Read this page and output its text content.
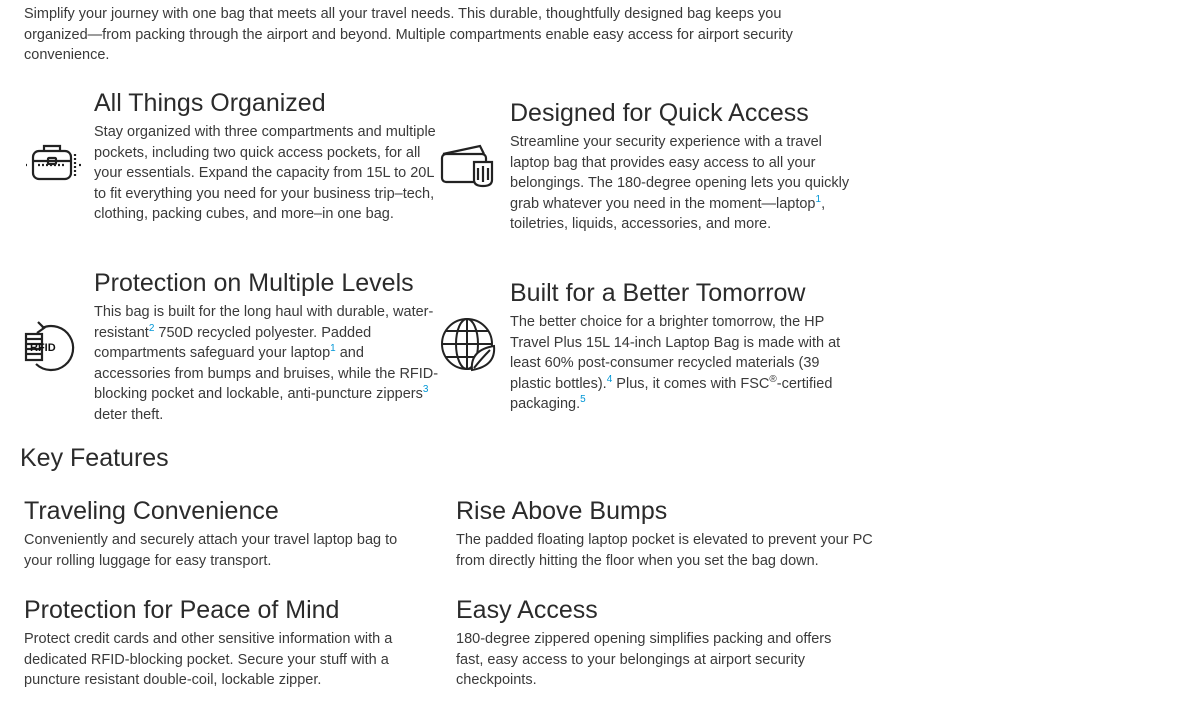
Simplify your journey with one bag that meets all your travel needs. This durable, thoughtfully designed bag keeps you organized—from packing through the airport and beyond. Multiple compartments enable easy access for airport security convenience.

All Things Organized

Stay organized with three compartments and multiple pockets, including two quick access pockets, for all your essentials. Expand the capacity from 15L to 20L to fit everything you need for your business trip–tech, clothing, packing cubes, and more–in one bag.

Designed for Quick Access

Streamline your security experience with a travel laptop bag that provides easy access to all your belongings. The 180-degree opening lets you quickly grab whatever you need in the moment—laptop$^1$, toiletries, liquids, accessories, and more.

RFID
Protection on Multiple Levels

This bag is built for the long haul with durable, water-resistant$^2$ 750D recycled polyester. Padded compartments safeguard your laptop$^1$ and accessories from bumps and bruises, while the RFID-blocking pocket and lockable, anti-puncture zippers$^3$ deter theft.

Built for a Better Tomorrow

The better choice for a brighter tomorrow, the HP Travel Plus 15L 14-inch Laptop Bag is made with at least 60% post-consumer recycled materials (39 plastic bottles).$^4$ Plus, it comes with FSC®-certified packaging.$^5$

Key Features
Traveling Convenience

Conveniently and securely attach your travel laptop bag to your rolling luggage for easy transport.

Rise Above Bumps

The padded floating laptop pocket is elevated to prevent your PC from directly hitting the floor when you set the bag down.

Protection for Peace of Mind

Protect credit cards and other sensitive information with a dedicated RFID-blocking pocket. Secure your stuff with a puncture resistant double-coil, lockable zipper.

Easy Access

180-degree zippered opening simplifies packing and offers fast, easy access to your belongings at airport security checkpoints.
